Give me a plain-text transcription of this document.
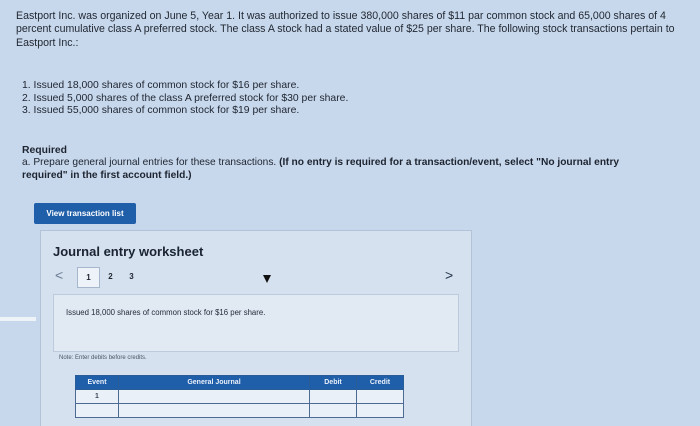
Eastport Inc. was organized on June 5, Year 1. It was authorized to issue 380,000 shares of $11 par common stock and 65,000 shares of 4 percent cumulative class A preferred stock. The class A stock had a stated value of $25 per share. The following stock transactions pertain to Eastport Inc.:
1. Issued 18,000 shares of common stock for $16 per share.
2. Issued 5,000 shares of the class A preferred stock for $30 per share.
3. Issued 55,000 shares of common stock for $19 per share.
Required
a. Prepare general journal entries for these transactions. (If no entry is required for a transaction/event, select "No journal entry required" in the first account field.)
View transaction list
Journal entry worksheet
<	1	2	3	>
Issued 18,000 shares of common stock for $16 per share.
Note: Enter debits before credits.
Event	General Journal	Debit	Credit
1			
